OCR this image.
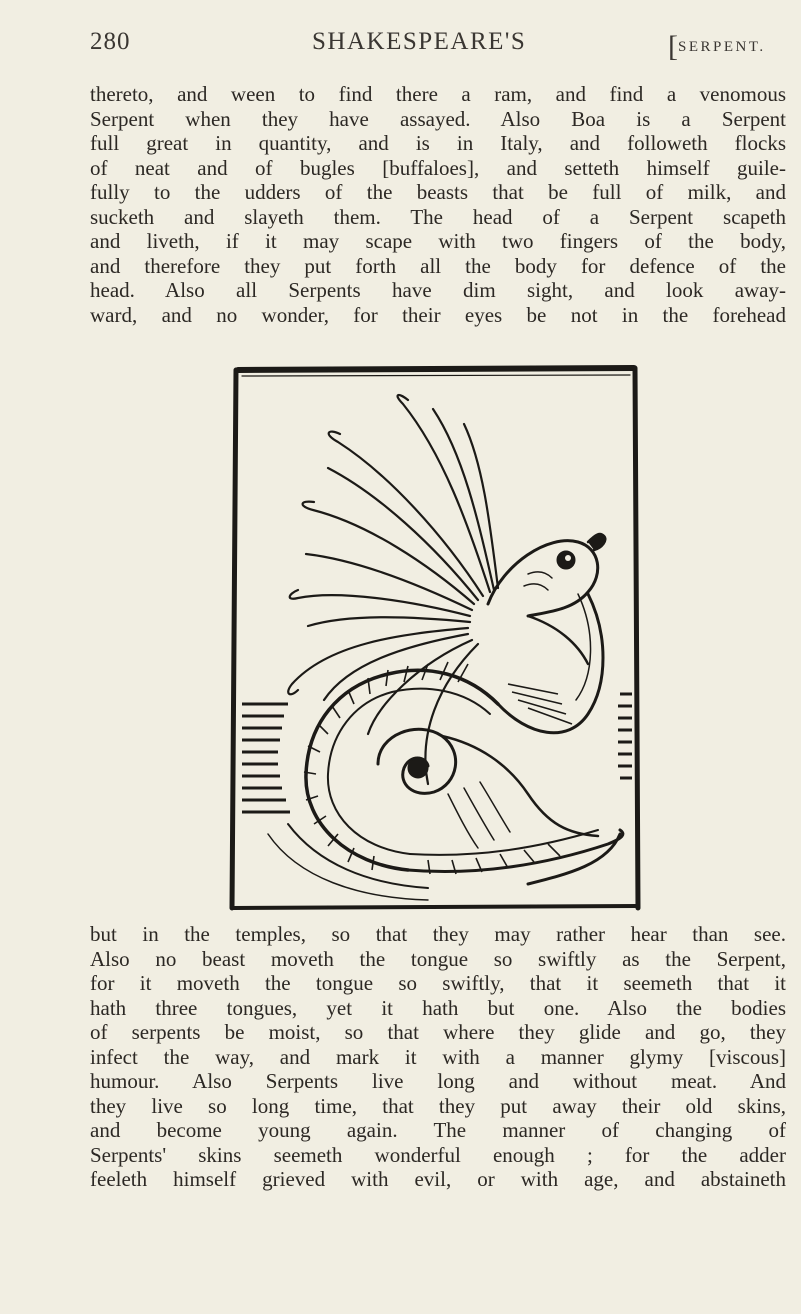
280	SHAKESPEARE'S	[SERPENT.
thereto, and ween to find there a ram, and find a venomous
Serpent when they have assayed. Also Boa is a Serpent
full great in quantity, and is in Italy, and followeth flocks
of neat and of bugles [buffaloes], and setteth himself guile-
fully to the udders of the beasts that be full of milk, and
sucketh and slayeth them. The head of a Serpent scapeth
and liveth, if it may scape with two fingers of the body,
and therefore they put forth all the body for defence of the
head. Also all Serpents have dim sight, and look away-
ward, and no wonder, for their eyes be not in the forehead
but in the temples, so that they may rather hear than see.
Also no beast moveth the tongue so swiftly as the Serpent,
for it moveth the tongue so swiftly, that it seemeth that it
hath three tongues, yet it hath but one. Also the bodies
of serpents be moist, so that where they glide and go, they
infect the way, and mark it with a manner glymy [viscous]
humour. Also Serpents live long and without meat. And
they live so long time, that they put away their old skins,
and become young again. The manner of changing of
Serpents' skins seemeth wonderful enough ; for the adder
feeleth himself grieved with evil, or with age, and abstaineth
